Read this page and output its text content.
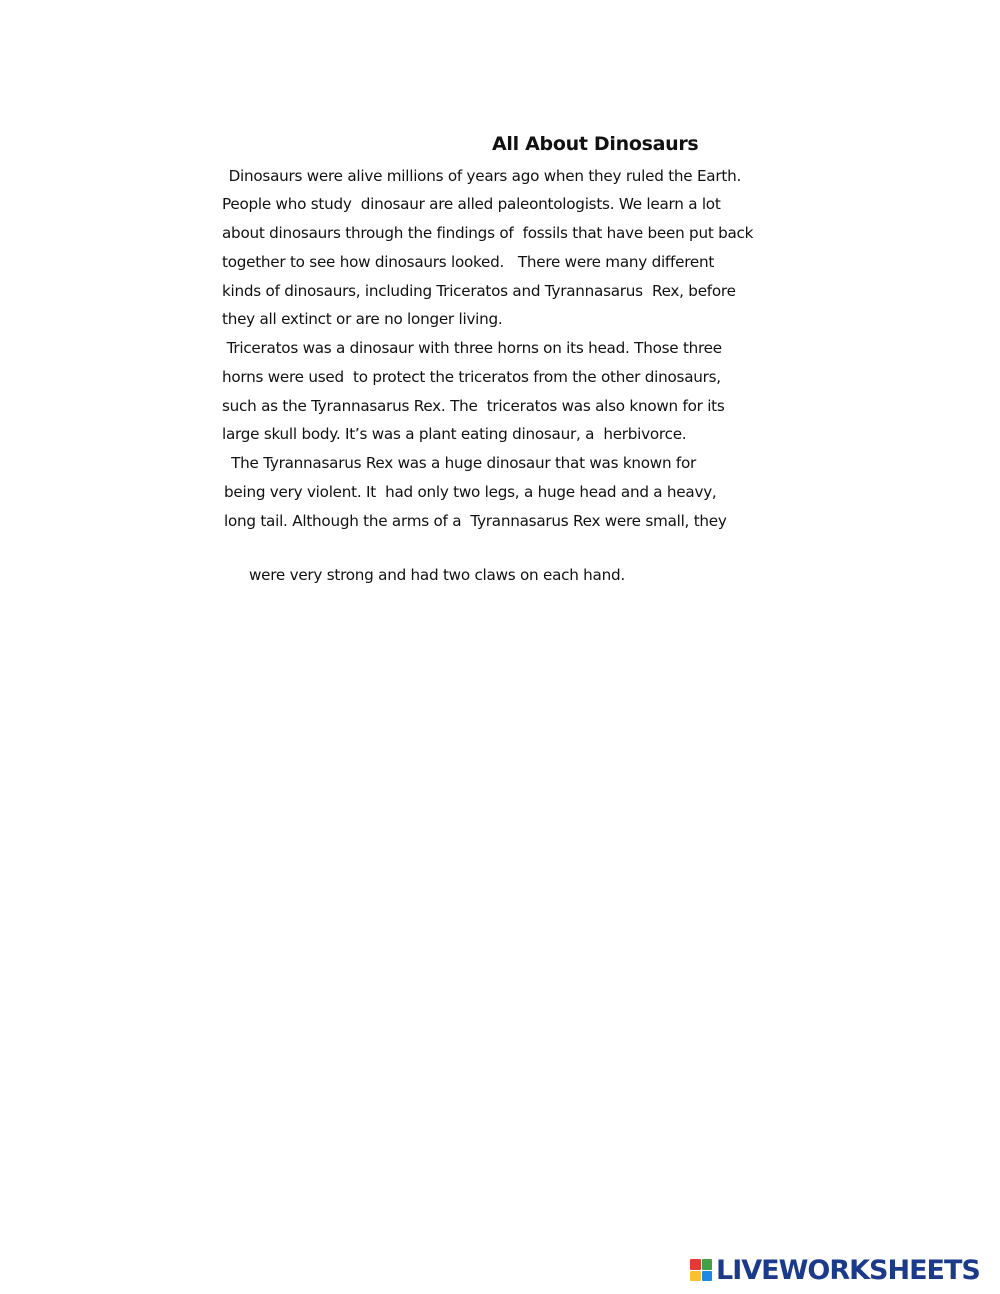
All About Dinosaurs
Dinosaurs were alive millions of years ago when they ruled the Earth.
People who study  dinosaur are alled paleontologists. We learn a lot
about dinosaurs through the findings of  fossils that have been put back
together to see how dinosaurs looked.   There were many different
kinds of dinosaurs, including Triceratos and Tyrannasarus  Rex, before
they all extinct or are no longer living.
Triceratos was a dinosaur with three horns on its head. Those three
horns were used  to protect the triceratos from the other dinosaurs,
such as the Tyrannasarus Rex. The  triceratos was also known for its
large skull body. It’s was a plant eating dinosaur, a  herbivorce.
The Tyrannasarus Rex was a huge dinosaur that was known for
being very violent. It  had only two legs, a huge head and a heavy,
long tail. Although the arms of a  Tyrannasarus Rex were small, they
were very strong and had two claws on each hand.
LIVEWORKSHEETS
